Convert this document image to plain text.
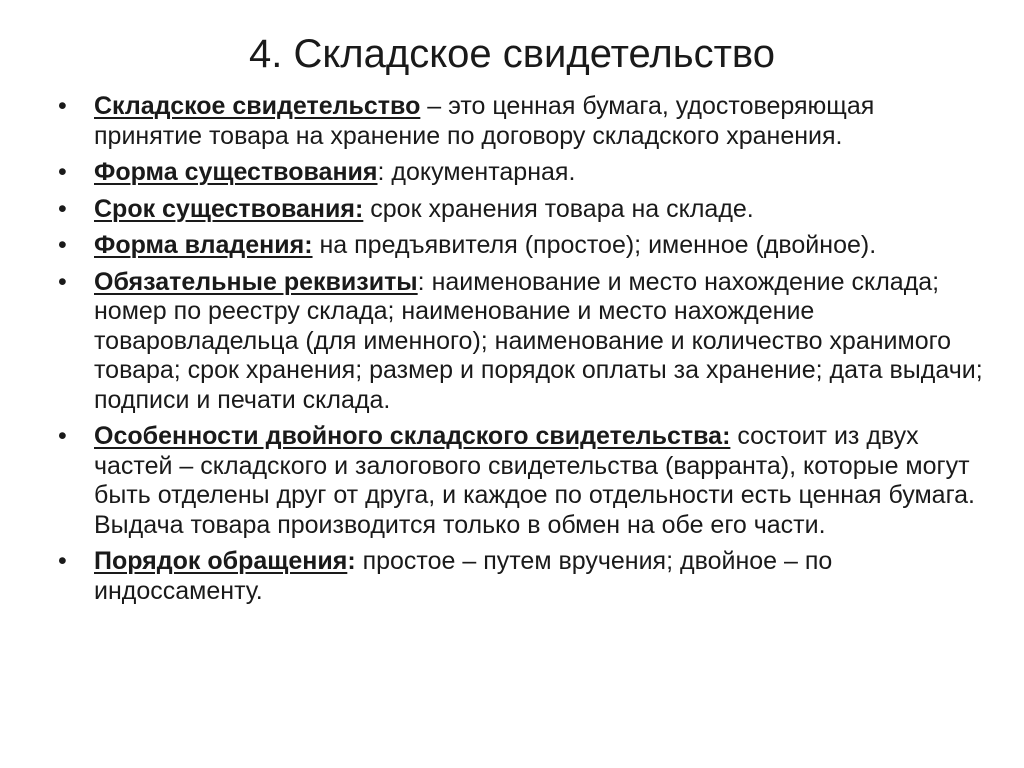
4. Складское свидетельство
• Складское свидетельство – это ценная бумага, удостоверяющая принятие товара на хранение по договору складского хранения.
• Форма существования: документарная.
• Срок существования: срок хранения товара на складе.
• Форма владения: на предъявителя (простое); именное (двойное).
• Обязательные реквизиты: наименование и место нахождение склада; номер по реестру склада; наименование и место нахождение товаровладельца (для именного); наименование и количество хранимого товара; срок хранения; размер и порядок оплаты за хранение; дата выдачи; подписи и печати склада.
• Особенности двойного складского свидетельства: состоит из двух частей – складского и залогового свидетельства (варранта), которые могут быть отделены друг от друга, и каждое по отдельности есть ценная бумага. Выдача товара производится только в обмен на обе его части.
• Порядок обращения: простое – путем вручения; двойное – по индоссаменту.
